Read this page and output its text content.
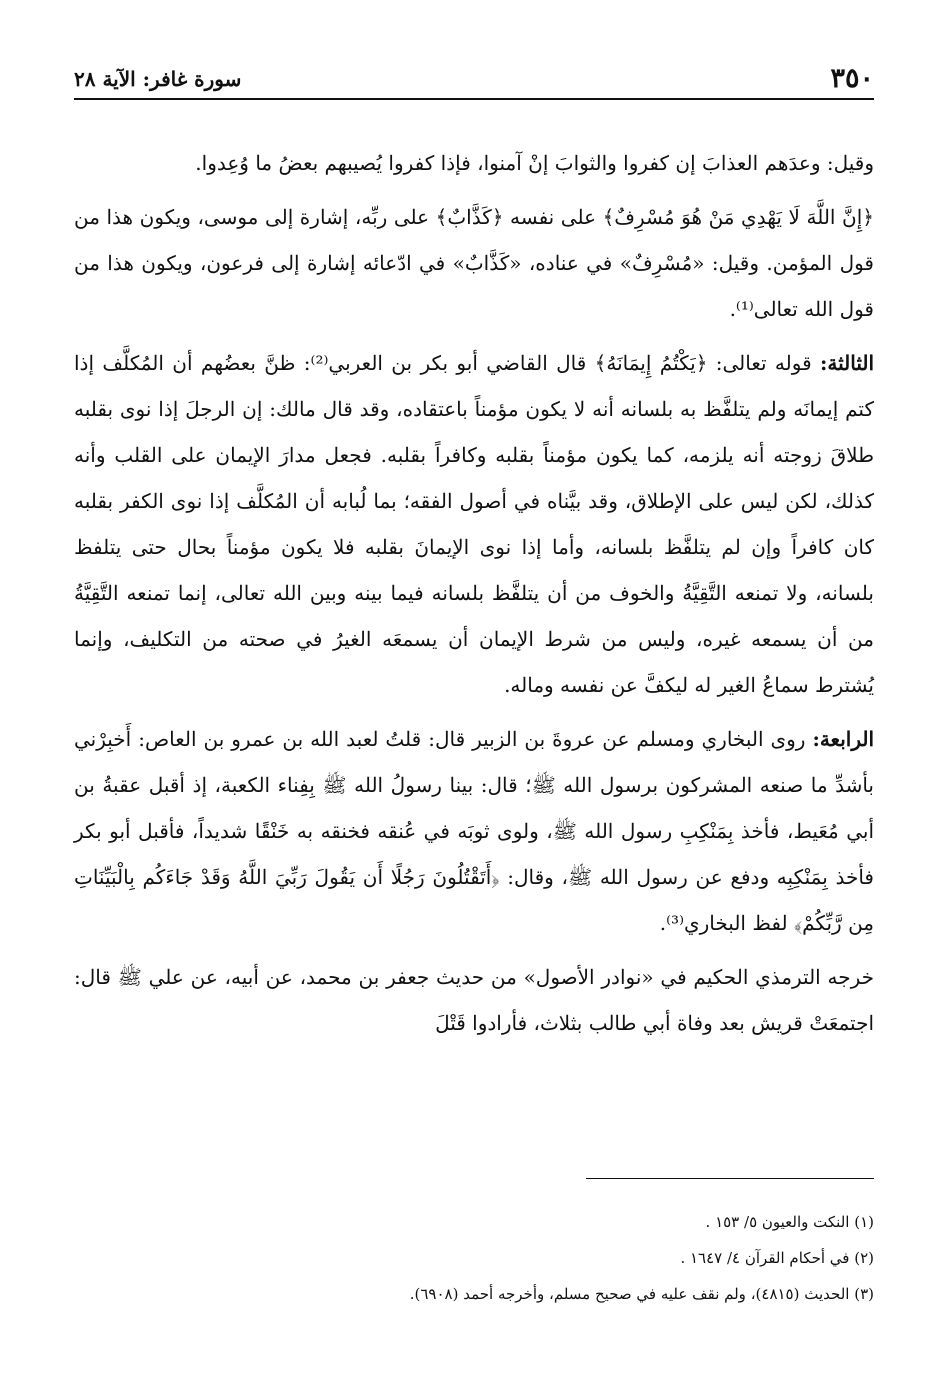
٣٥٠
سورة غافر: الآية ٢٨

وقيل: وعدَهم العذابَ إن كفروا والثوابَ إنْ آمنوا، فإذا كفروا يُصيبهم بعضُ ما وُعِدوا.

﴿إِنَّ اللَّهَ لَا يَهْدِي مَنْ هُوَ مُسْرِفٌ﴾ على نفسه ﴿كَذَّابٌ﴾ على ربِّه، إشارة إلى موسى، ويكون هذا من قول المؤمن. وقيل: «مُسْرِفٌ» في عناده، «كَذَّابٌ» في ادّعائه إشارة إلى فرعون، ويكون هذا من قول الله تعالى⁽¹⁾.

الثالثة: قوله تعالى: ﴿يَكْتُمُ إِيمَانَهُ﴾ قال القاضي أبو بكر بن العربي⁽²⁾: ظنَّ بعضُهم أن المُكلَّف إذا كتم إيمانَه ولم يتلفَّظ به بلسانه أنه لا يكون مؤمناً باعتقاده، وقد قال مالك: إن الرجلَ إذا نوى بقلبه طلاقَ زوجته أنه يلزمه، كما يكون مؤمناً بقلبه وكافراً بقلبه. فجعل مدارَ الإيمان على القلب وأنه كذلك، لكن ليس على الإطلاق، وقد بيَّناه في أصول الفقه؛ بما لُبابه أن المُكلَّف إذا نوى الكفر بقلبه كان كافراً وإن لم يتلفَّظ بلسانه، وأما إذا نوى الإيمانَ بقلبه فلا يكون مؤمناً بحال حتى يتلفظ بلسانه، ولا تمنعه التَّقِيَّةُ والخوف من أن يتلفَّظ بلسانه فيما بينه وبين الله تعالى، إنما تمنعه التَّقِيَّةُ من أن يسمعه غيره، وليس من شرط الإيمان أن يسمعَه الغيرُ في صحته من التكليف، وإنما يُشترط سماعُ الغير له ليكفَّ عن نفسه وماله.

الرابعة: روى البخاري ومسلم عن عروةَ بن الزبير قال: قلتُ لعبد الله بن عمرو بن العاص: أَخبِرْني بأشدِّ ما صنعه المشركون برسول الله ﷺ؛ قال: بينا رسولُ الله ﷺ بِفِناء الكعبة، إذ أقبل عقبةُ بن أبي مُعَيط، فأخذ بِمَنْكِبِ رسول الله ﷺ، ولوى ثوبَه في عُنقه فخنقه به خَنْقًا شديداً، فأقبل أبو بكر فأخذ بِمَنْكِبِه ودفع عن رسول الله ﷺ، وقال: ﴿أَتَقْتُلُونَ رَجُلًا أَن يَقُولَ رَبِّيَ اللَّهُ وَقَدْ جَاءَكُم بِالْبَيِّنَاتِ مِن رَّبِّكُمْ﴾ لفظ البخاري⁽³⁾.

خرجه الترمذي الحكيم في «نوادر الأصول» من حديث جعفر بن محمد، عن أبيه، عن علي ﷺ قال: اجتمعَتْ قريش بعد وفاة أبي طالب بثلاث، فأرادوا قَتْلَ

(١) النكت والعيون ٥/ ١٥٣ .

(٢) في أحكام القرآن ٤/ ١٦٤٧ .

(٣) الحديث (٤٨١٥)، ولم نقف عليه في صحيح مسلم، وأخرجه أحمد (٦٩٠٨).
